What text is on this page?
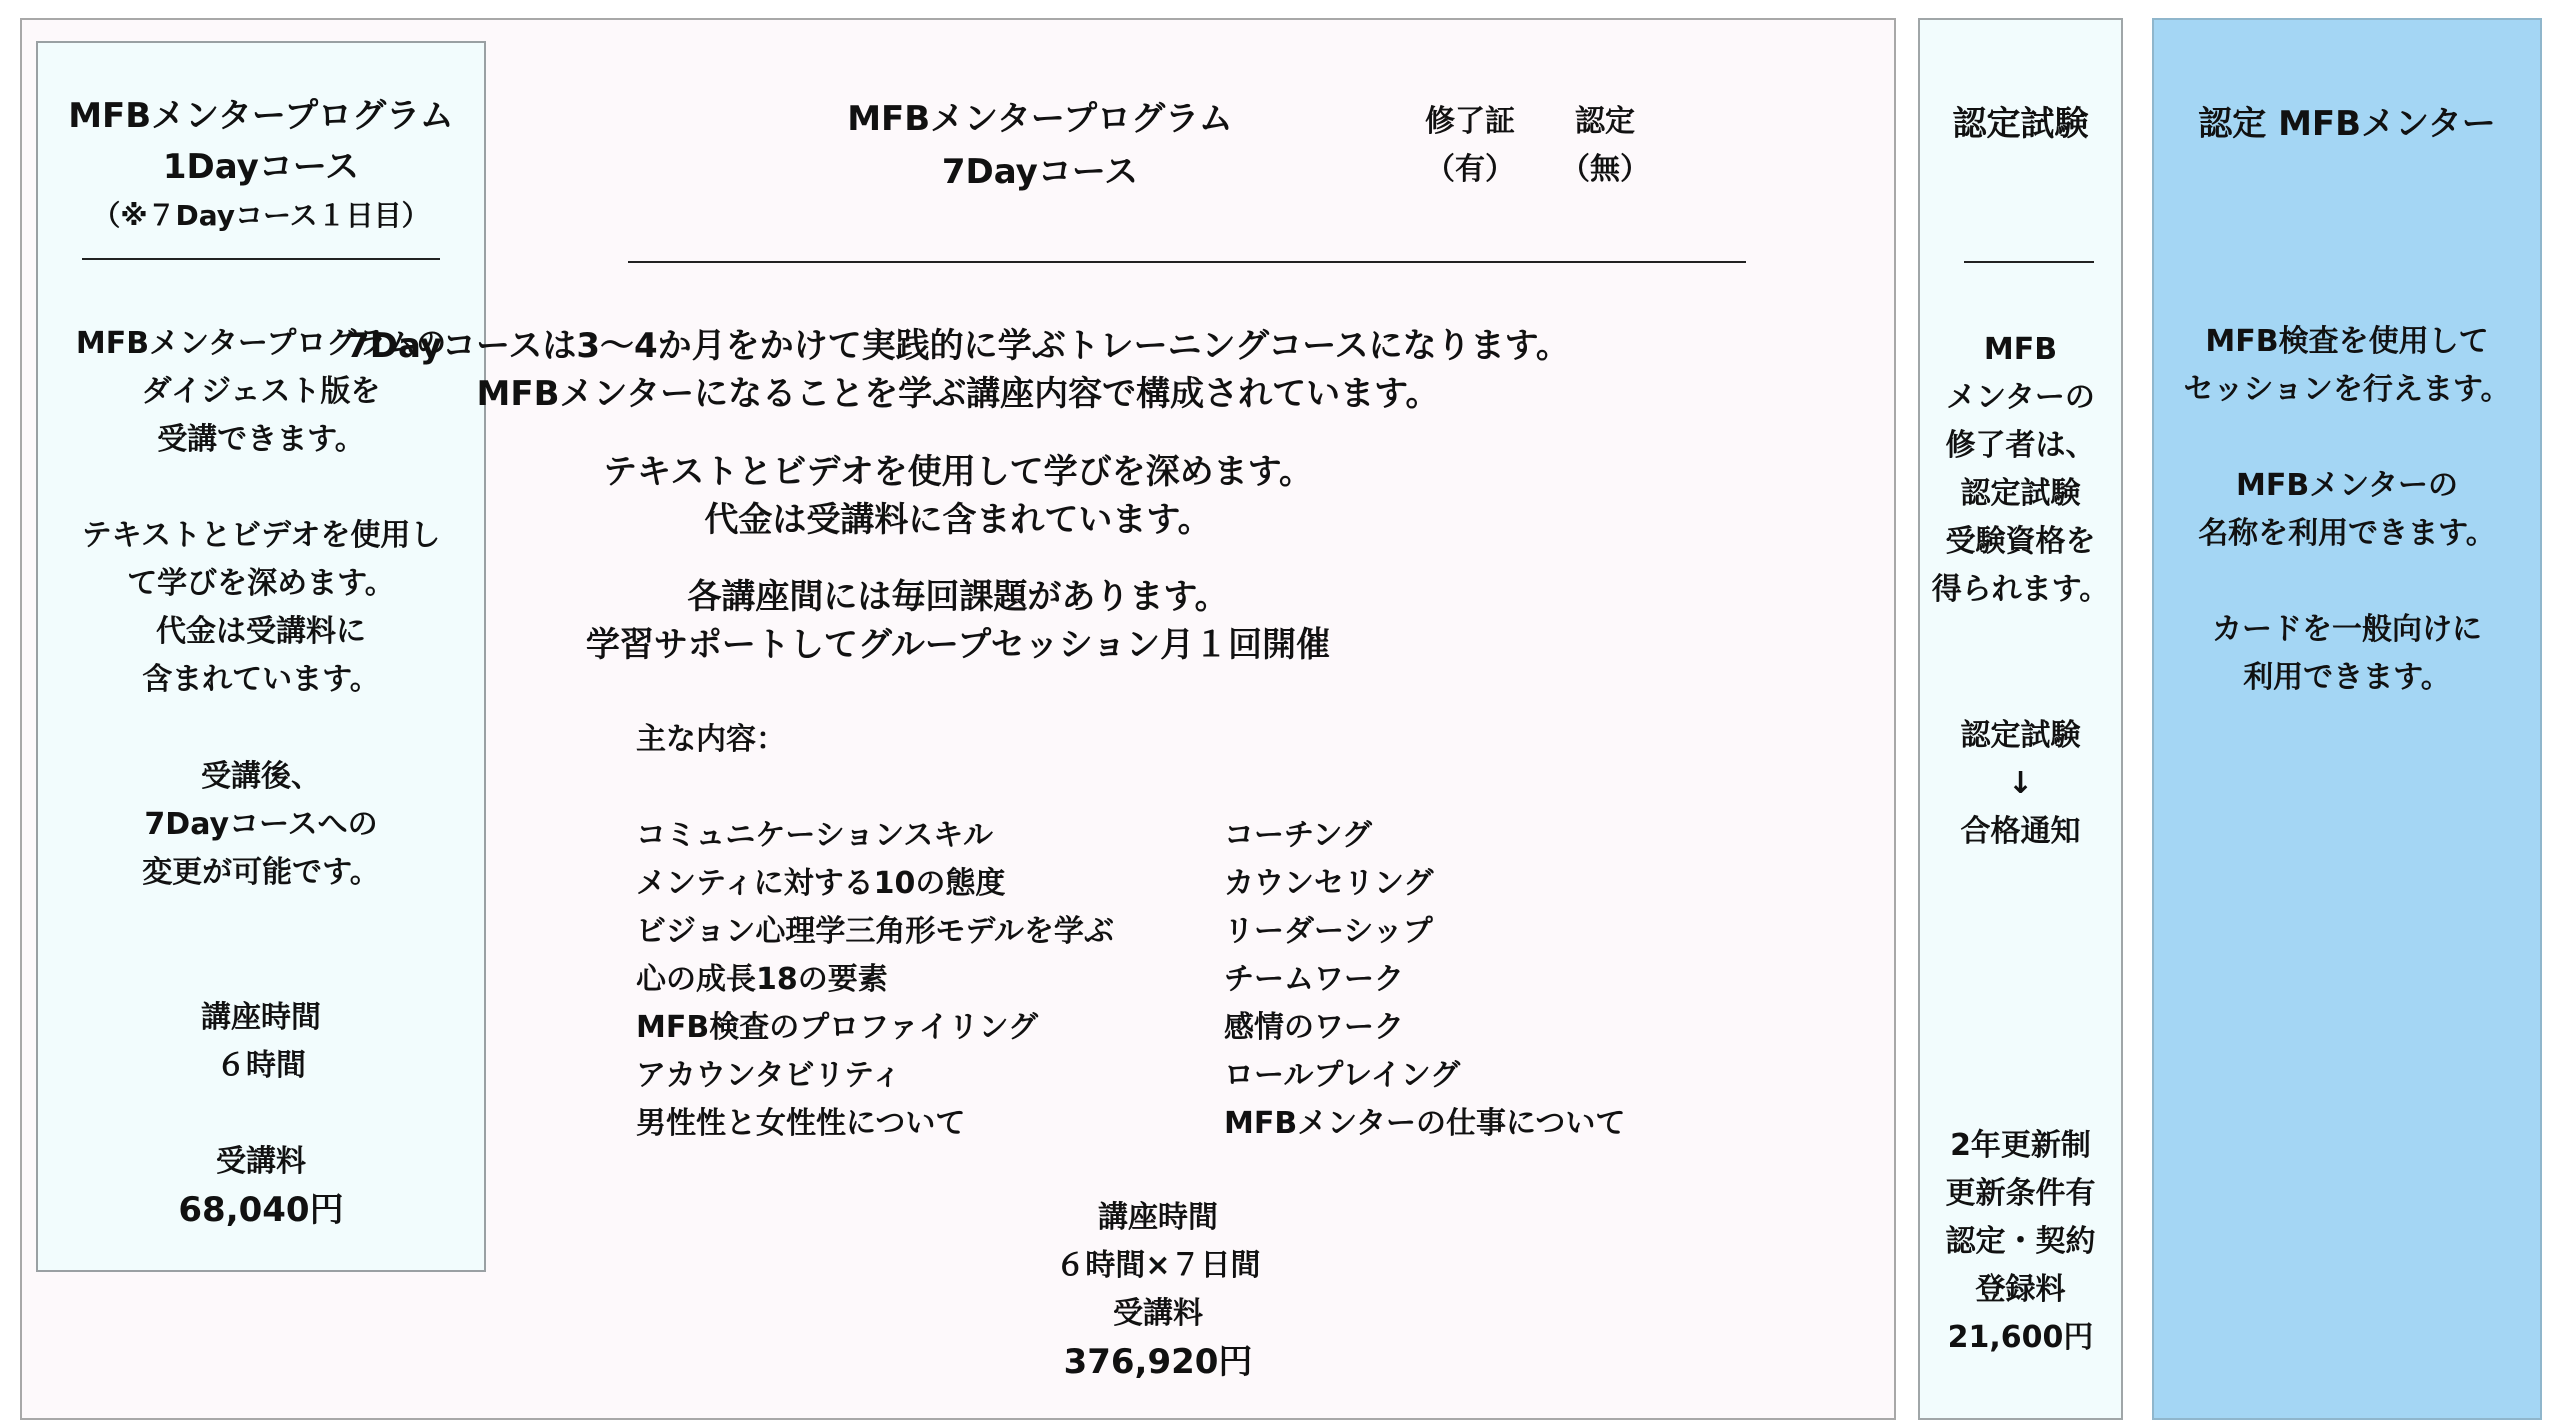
MFBメンタープログラム
1Dayコース
（※７Dayコース１日目）
MFBメンタープログラムの
ダイジェスト版を
受講できます。
テキストとビデオを使用し
て学びを深めます。
代金は受講料に
含まれています。
受講後、
7Dayコースへの
変更が可能です。
講座時間
６時間
受講料
68,040円
MFBメンタープログラム
7Dayコース
修了証
（有）
認定
（無）
7Dayコースは3〜4か月をかけて実践的に学ぶトレーニングコースになります。
MFBメンターになることを学ぶ講座内容で構成されています。
テキストとビデオを使用して学びを深めます。
代金は受講料に含まれています。
各講座間には毎回課題があります。
学習サポートしてグループセッション月１回開催
主な内容：
コミュニケーションスキル
メンティに対する10の態度
ビジョン心理学三角形モデルを学ぶ
心の成長18の要素
MFB検査のプロファイリング
アカウンタビリティ
男性性と女性性について
コーチング
カウンセリング
リーダーシップ
チームワーク
感情のワーク
ロールプレイング
MFBメンターの仕事について
講座時間
６時間×７日間
受講料
376,920円
認定試験
MFB
メンターの
修了者は、
認定試験
受験資格を
得られます。
認定試験
↓
合格通知
2年更新制
更新条件有
認定・契約
登録料
21,600円
認定 MFBメンター
MFB検査を使用して
セッションを行えます。
MFBメンターの
名称を利用できます。
カードを一般向けに
利用できます。
